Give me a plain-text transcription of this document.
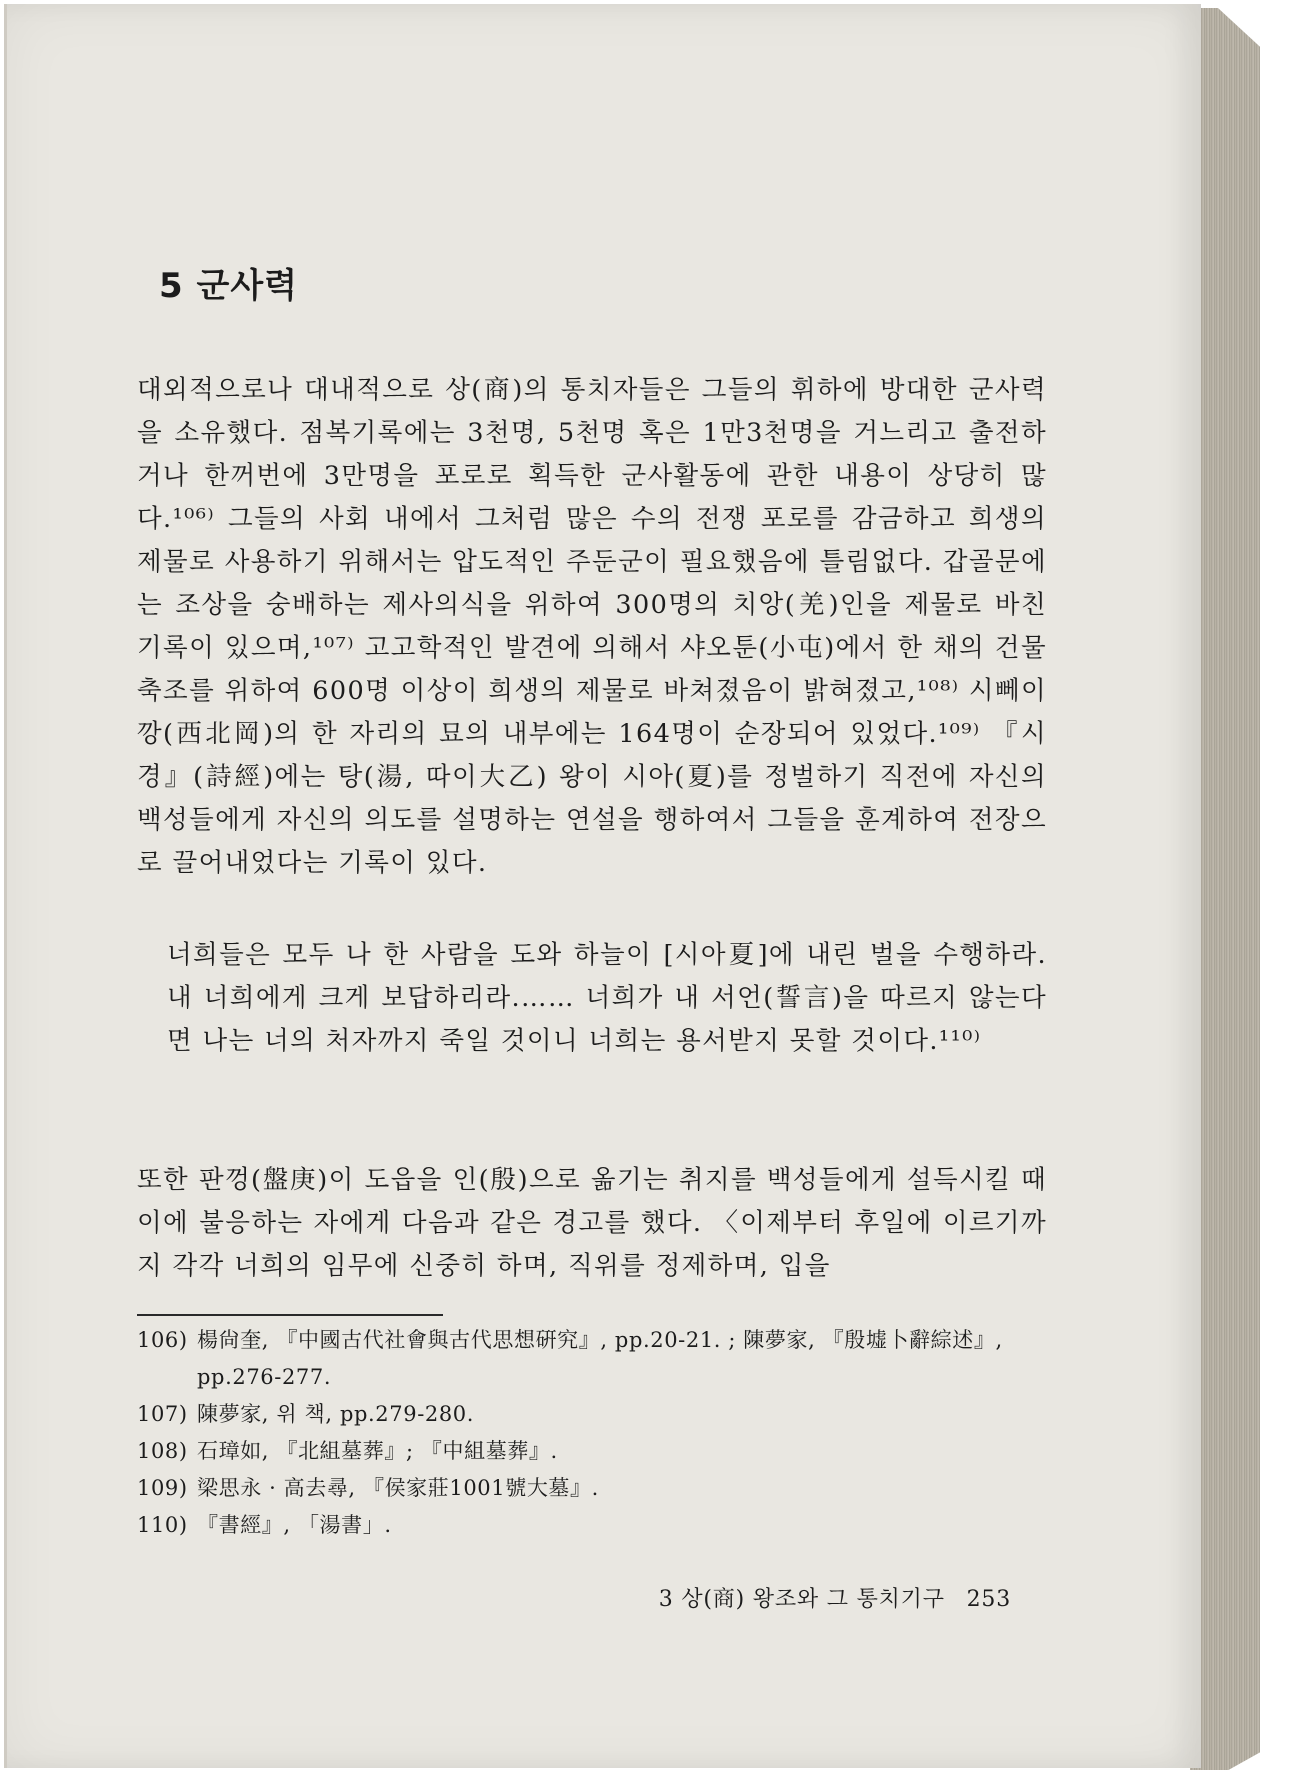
5 군사력

대외적으로나 대내적으로 상(商)의 통치자들은 그들의 휘하에 방대한 군사력을 소유했다. 점복기록에는 3천명, 5천명 혹은 1만3천명을 거느리고 출전하거나 한꺼번에 3만명을 포로로 획득한 군사활동에 관한 내용이 상당히 많다.¹⁰⁶⁾ 그들의 사회 내에서 그처럼 많은 수의 전쟁 포로를 감금하고 희생의 제물로 사용하기 위해서는 압도적인 주둔군이 필요했음에 틀림없다. 갑골문에는 조상을 숭배하는 제사의식을 위하여 300명의 치앙(羌)인을 제물로 바친 기록이 있으며,¹⁰⁷⁾ 고고학적인 발견에 의해서 샤오툰(小屯)에서 한 채의 건물 축조를 위하여 600명 이상이 희생의 제물로 바쳐졌음이 밝혀졌고,¹⁰⁸⁾ 시뻬이깡(西北岡)의 한 자리의 묘의 내부에는 164명이 순장되어 있었다.¹⁰⁹⁾ 『시경』(詩經)에는 탕(湯, 따이大乙) 왕이 시아(夏)를 정벌하기 직전에 자신의 백성들에게 자신의 의도를 설명하는 연설을 행하여서 그들을 훈계하여 전장으로 끌어내었다는 기록이 있다.

너희들은 모두 나 한 사람을 도와 하늘이 [시아夏]에 내린 벌을 수행하라. 내 너희에게 크게 보답하리라.…… 너희가 내 서언(誓言)을 따르지 않는다면 나는 너의 처자까지 죽일 것이니 너희는 용서받지 못할 것이다.¹¹⁰⁾

또한 판껑(盤庚)이 도읍을 인(殷)으로 옮기는 취지를 백성들에게 설득시킬 때 이에 불응하는 자에게 다음과 같은 경고를 했다. 〈이제부터 후일에 이르기까지 각각 너희의 임무에 신중히 하며, 직위를 정제하며, 입을

106) 楊尙奎, 『中國古代社會與古代思想硏究』, pp.20-21. ; 陳夢家, 『殷墟卜辭綜述』, pp.276-277.
107) 陳夢家, 위 책, pp.279-280.
108) 石璋如, 『北組墓葬』; 『中組墓葬』.
109) 梁思永 · 高去尋, 『侯家莊1001號大墓』.
110) 『書經』, 「湯書」.
3 상(商) 왕조와 그 통치기구 253
